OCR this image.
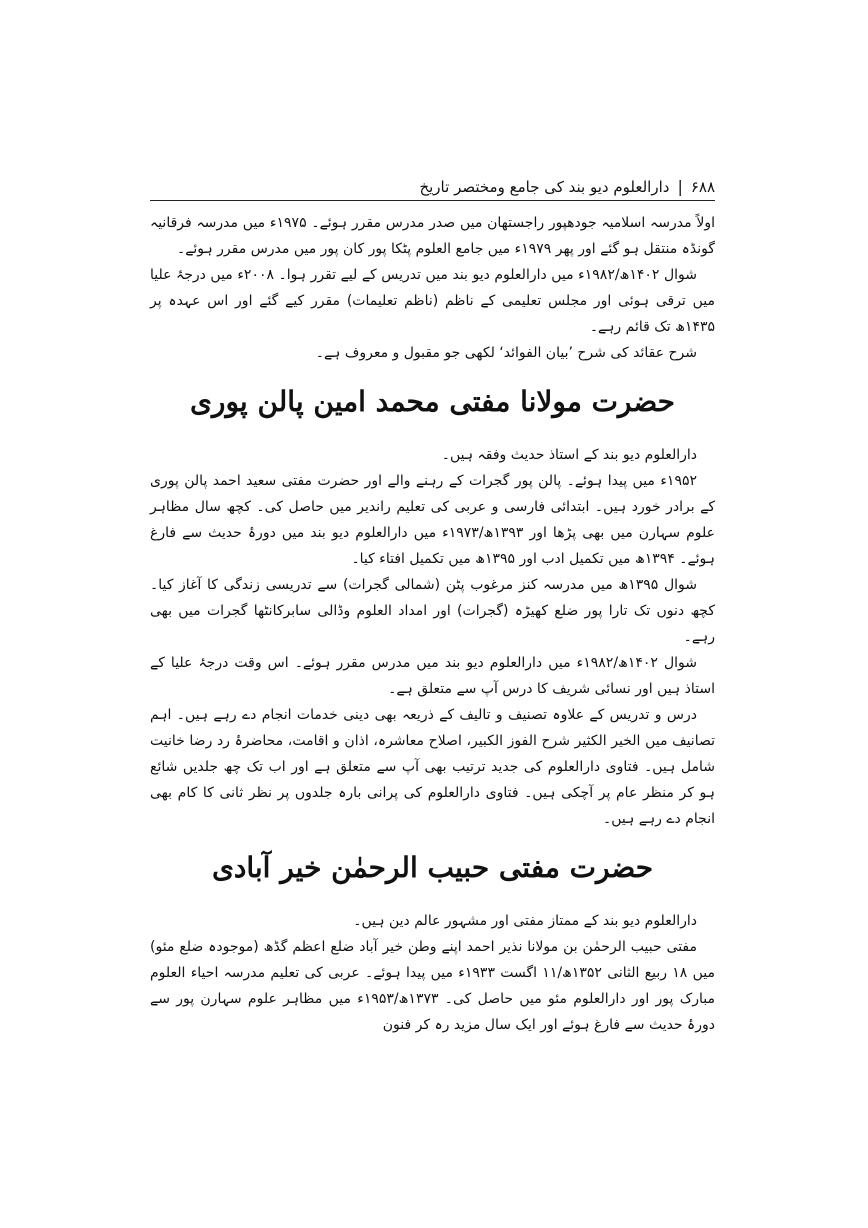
۶۸۸
|
دارالعلوم دیو بند کی جامع ومختصر تاریخ

اولاً مدرسہ اسلامیہ جودھپور راجستھان میں صدر مدرس مقرر ہوئے۔ ۱۹۷۵ء میں مدرسہ فرقانیہ گونڈہ منتقل ہو گئے اور پھر ۱۹۷۹ء میں جامع العلوم پٹکا پور کان پور میں مدرس مقرر ہوئے۔

شوال ۱۴۰۲ھ/۱۹۸۲ء میں دارالعلوم دیو بند میں تدریس کے لیے تقرر ہوا۔ ۲۰۰۸ء میں درجۂ علیا میں ترقی ہوئی اور مجلس تعلیمی کے ناظم (ناظم تعلیمات) مقرر کیے گئے اور اس عہدہ پر ۱۴۳۵ھ تک قائم رہے۔

شرح عقائد کی شرح ’بیان الفوائد‘ لکھی جو مقبول و معروف ہے۔

حضرت مولانا مفتی محمد امین پالن پوری

دارالعلوم دیو بند کے استاذ حدیث وفقہ ہیں۔

۱۹۵۲ء میں پیدا ہوئے۔ پالن پور گجرات کے رہنے والے اور حضرت مفتی سعید احمد پالن پوری کے برادر خورد ہیں۔ ابتدائی فارسی و عربی کی تعلیم راندیر میں حاصل کی۔ کچھ سال مظاہر علوم سہارن میں بھی پڑھا اور ۱۳۹۳ھ/۱۹۷۳ء میں دارالعلوم دیو بند میں دورۂ حدیث سے فارغ ہوئے۔ ۱۳۹۴ھ میں تکمیل ادب اور ۱۳۹۵ھ میں تکمیل افتاء کیا۔

شوال ۱۳۹۵ھ میں مدرسہ کنز مرغوب پٹن (شمالی گجرات) سے تدریسی زندگی کا آغاز کیا۔ کچھ دنوں تک تارا پور ضلع کھیڑہ (گجرات) اور امداد العلوم وڈالی سابرکانٹھا گجرات میں بھی رہے۔

شوال ۱۴۰۲ھ/۱۹۸۲ء میں دارالعلوم دیو بند میں مدرس مقرر ہوئے۔ اس وقت درجۂ علیا کے استاذ ہیں اور نسائی شریف کا درس آپ سے متعلق ہے۔

درس و تدریس کے علاوہ تصنیف و تالیف کے ذریعہ بھی دینی خدمات انجام دے رہے ہیں۔ اہم تصانیف میں الخیر الکثیر شرح الفوز الکبیر، اصلاح معاشرہ، اذان و اقامت، محاضرۂ رد رضا خانیت شامل ہیں۔ فتاوی دارالعلوم کی جدید ترتیب بھی آپ سے متعلق ہے اور اب تک چھ جلدیں شائع ہو کر منظر عام پر آچکی ہیں۔ فتاوی دارالعلوم کی پرانی بارہ جلدوں پر نظر ثانی کا کام بھی انجام دے رہے ہیں۔

حضرت مفتی حبیب الرحمٰن خیر آبادی

دارالعلوم دیو بند کے ممتاز مفتی اور مشہور عالم دین ہیں۔

مفتی حبیب الرحمٰن بن مولانا نذیر احمد اپنے وطن خیر آباد ضلع اعظم گڈھ (موجودہ ضلع مئو) میں ۱۸ ربیع الثانی ۱۳۵۲ھ/۱۱ اگست ۱۹۳۳ء میں پیدا ہوئے۔ عربی کی تعلیم مدرسہ احیاء العلوم مبارک پور اور دارالعلوم مئو میں حاصل کی۔ ۱۳۷۳ھ/۱۹۵۳ء میں مظاہر علوم سہارن پور سے دورۂ حدیث سے فارغ ہوئے اور ایک سال مزید رہ کر فنون
